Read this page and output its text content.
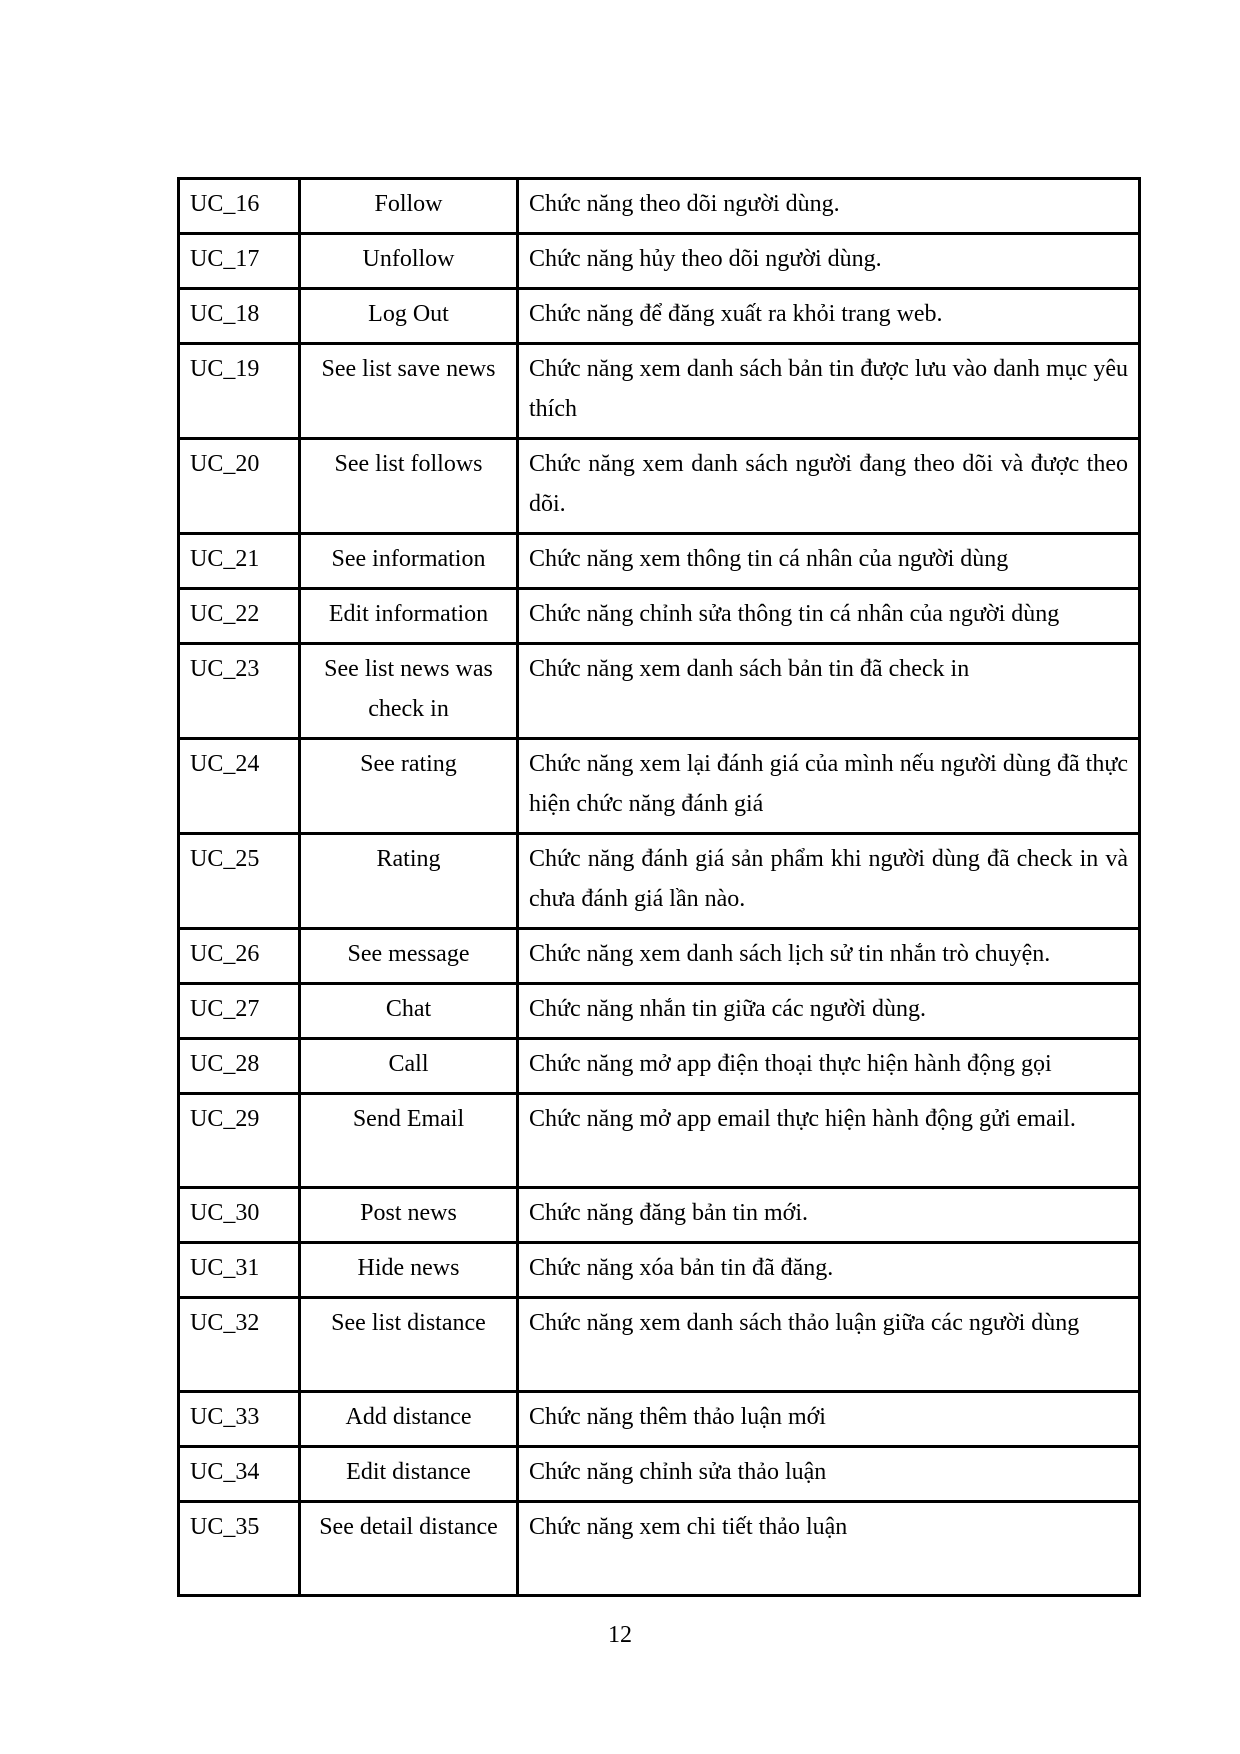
UC_16	Follow	Chức năng theo dõi người dùng.
UC_17	Unfollow	Chức năng hủy theo dõi người dùng.
UC_18	Log Out	Chức năng để đăng xuất ra khỏi trang web.
UC_19	See list save news	Chức năng xem danh sách bản tin được lưu vào danh mục yêu thích
UC_20	See list follows	Chức năng xem danh sách người đang theo dõi và được theo dõi.
UC_21	See information	Chức năng xem thông tin cá nhân của người dùng
UC_22	Edit information	Chức năng chỉnh sửa thông tin cá nhân của người dùng
UC_23	See list news was check in	Chức năng xem danh sách bản tin đã check in
UC_24	See rating	Chức năng xem lại đánh giá của mình nếu người dùng đã thực hiện chức năng đánh giá
UC_25	Rating	Chức năng đánh giá sản phẩm khi người dùng đã check in và chưa đánh giá lần nào.
UC_26	See message	Chức năng xem danh sách lịch sử tin nhắn trò chuyện.
UC_27	Chat	Chức năng nhắn tin giữa các người dùng.
UC_28	Call	Chức năng mở app điện thoại thực hiện hành động gọi
UC_29	Send Email	Chức năng mở app email thực hiện hành động gửi email.
UC_30	Post news	Chức năng đăng bản tin mới.
UC_31	Hide news	Chức năng xóa bản tin đã đăng.
UC_32	See list distance	Chức năng xem danh sách thảo luận giữa các người dùng
UC_33	Add distance	Chức năng thêm thảo luận mới
UC_34	Edit distance	Chức năng chỉnh sửa thảo luận
UC_35	See detail distance	Chức năng xem chi tiết thảo luận
12
